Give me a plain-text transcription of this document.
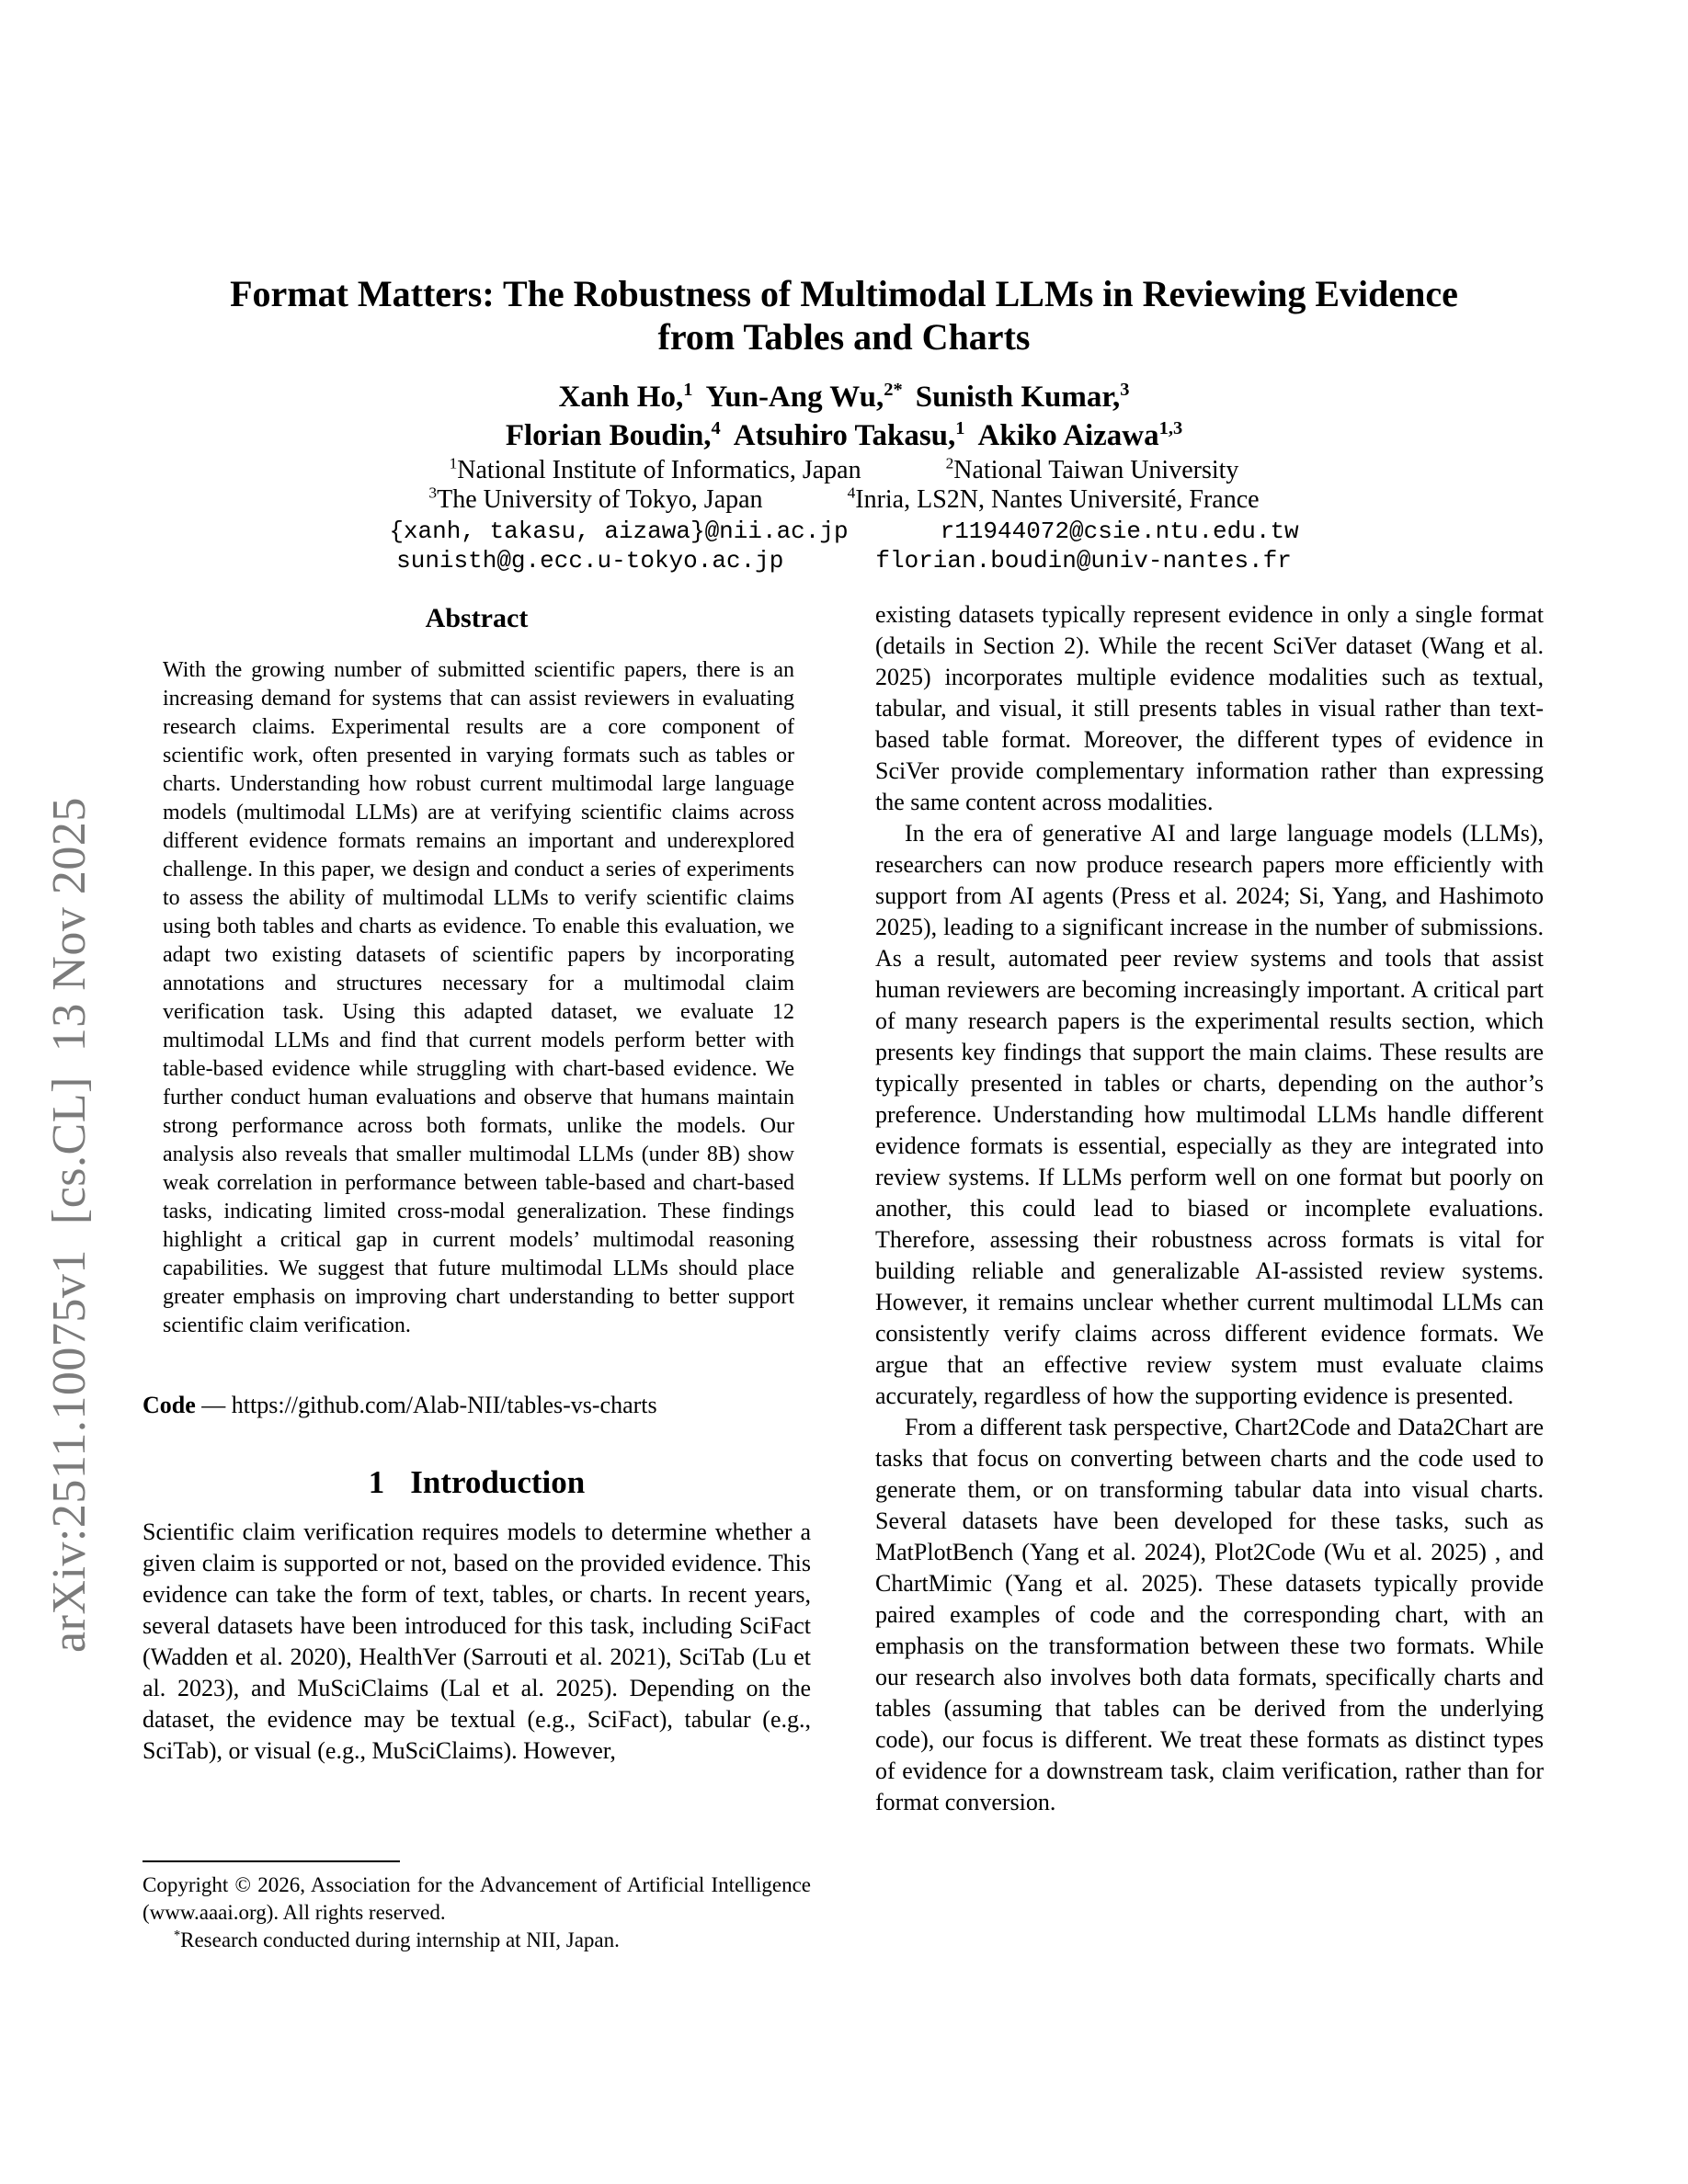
arXiv:2511.10075v1  [cs.CL]  13 Nov 2025
Format Matters: The Robustness of Multimodal LLMs in Reviewing Evidence
from Tables and Charts
Xanh Ho,$^1$ Yun-Ang Wu,$^{2*}$ Sunisth Kumar,$^3$
Florian Boudin,$^4$ Atsuhiro Takasu,$^1$ Akiko Aizawa$^{1,3}$
$^1$National Institute of Informatics, Japan	$^2$National Taiwan University
$^3$The University of Tokyo, Japan	$^4$Inria, LS2N, Nantes Université, France
{xanh, takasu, aizawa}@nii.ac.jp	r11944072@csie.ntu.edu.tw
sunisth@g.ecc.u-tokyo.ac.jp	florian.boudin@univ-nantes.fr
Abstract

With the growing number of submitted scientific papers, there is an increasing demand for systems that can assist reviewers in evaluating research claims. Experimental results are a core component of scientific work, often presented in varying formats such as tables or charts. Understanding how robust current multimodal large language models (multimodal LLMs) are at verifying scientific claims across different evidence formats remains an important and underexplored challenge. In this paper, we design and conduct a series of experiments to assess the ability of multimodal LLMs to verify scientific claims using both tables and charts as evidence. To enable this evaluation, we adapt two existing datasets of scientific papers by incorporating annotations and structures necessary for a multimodal claim verification task. Using this adapted dataset, we evaluate 12 multimodal LLMs and find that current models perform better with table-based evidence while struggling with chart-based evidence. We further conduct human evaluations and observe that humans maintain strong performance across both formats, unlike the models. Our analysis also reveals that smaller multimodal LLMs (under 8B) show weak correlation in performance between table-based and chart-based tasks, indicating limited cross-modal generalization. These findings highlight a critical gap in current models’ multimodal reasoning capabilities. We suggest that future multimodal LLMs should place greater emphasis on improving chart understanding to better support scientific claim verification.

Code — https://github.com/Alab-NII/tables-vs-charts

1 Introduction

Scientific claim verification requires models to determine whether a given claim is supported or not, based on the provided evidence. This evidence can take the form of text, tables, or charts. In recent years, several datasets have been introduced for this task, including SciFact (Wadden et al. 2020), HealthVer (Sarrouti et al. 2021), SciTab (Lu et al. 2023), and MuSciClaims (Lal et al. 2025). Depending on the dataset, the evidence may be textual (e.g., SciFact), tabular (e.g., SciTab), or visual (e.g., MuSciClaims). However,

existing datasets typically represent evidence in only a single format (details in Section 2). While the recent SciVer dataset (Wang et al. 2025) incorporates multiple evidence modalities such as textual, tabular, and visual, it still presents tables in visual rather than text-based table format. Moreover, the different types of evidence in SciVer provide complementary information rather than expressing the same content across modalities.

In the era of generative AI and large language models (LLMs), researchers can now produce research papers more efficiently with support from AI agents (Press et al. 2024; Si, Yang, and Hashimoto 2025), leading to a significant increase in the number of submissions. As a result, automated peer review systems and tools that assist human reviewers are becoming increasingly important. A critical part of many research papers is the experimental results section, which presents key findings that support the main claims. These results are typically presented in tables or charts, depending on the author’s preference. Understanding how multimodal LLMs handle different evidence formats is essential, especially as they are integrated into review systems. If LLMs perform well on one format but poorly on another, this could lead to biased or incomplete evaluations. Therefore, assessing their robustness across formats is vital for building reliable and generalizable AI-assisted review systems. However, it remains unclear whether current multimodal LLMs can consistently verify claims across different evidence formats. We argue that an effective review system must evaluate claims accurately, regardless of how the supporting evidence is presented.

From a different task perspective, Chart2Code and Data2Chart are tasks that focus on converting between charts and the code used to generate them, or on transforming tabular data into visual charts. Several datasets have been developed for these tasks, such as MatPlotBench (Yang et al. 2024), Plot2Code (Wu et al. 2025) , and ChartMimic (Yang et al. 2025). These datasets typically provide paired examples of code and the corresponding chart, with an emphasis on the transformation between these two formats. While our research also involves both data formats, specifically charts and tables (assuming that tables can be derived from the underlying code), our focus is different. We treat these formats as distinct types of evidence for a downstream task, claim verification, rather than for format conversion.

Copyright © 2026, Association for the Advancement of Artificial Intelligence (www.aaai.org). All rights reserved.

*Research conducted during internship at NII, Japan.
